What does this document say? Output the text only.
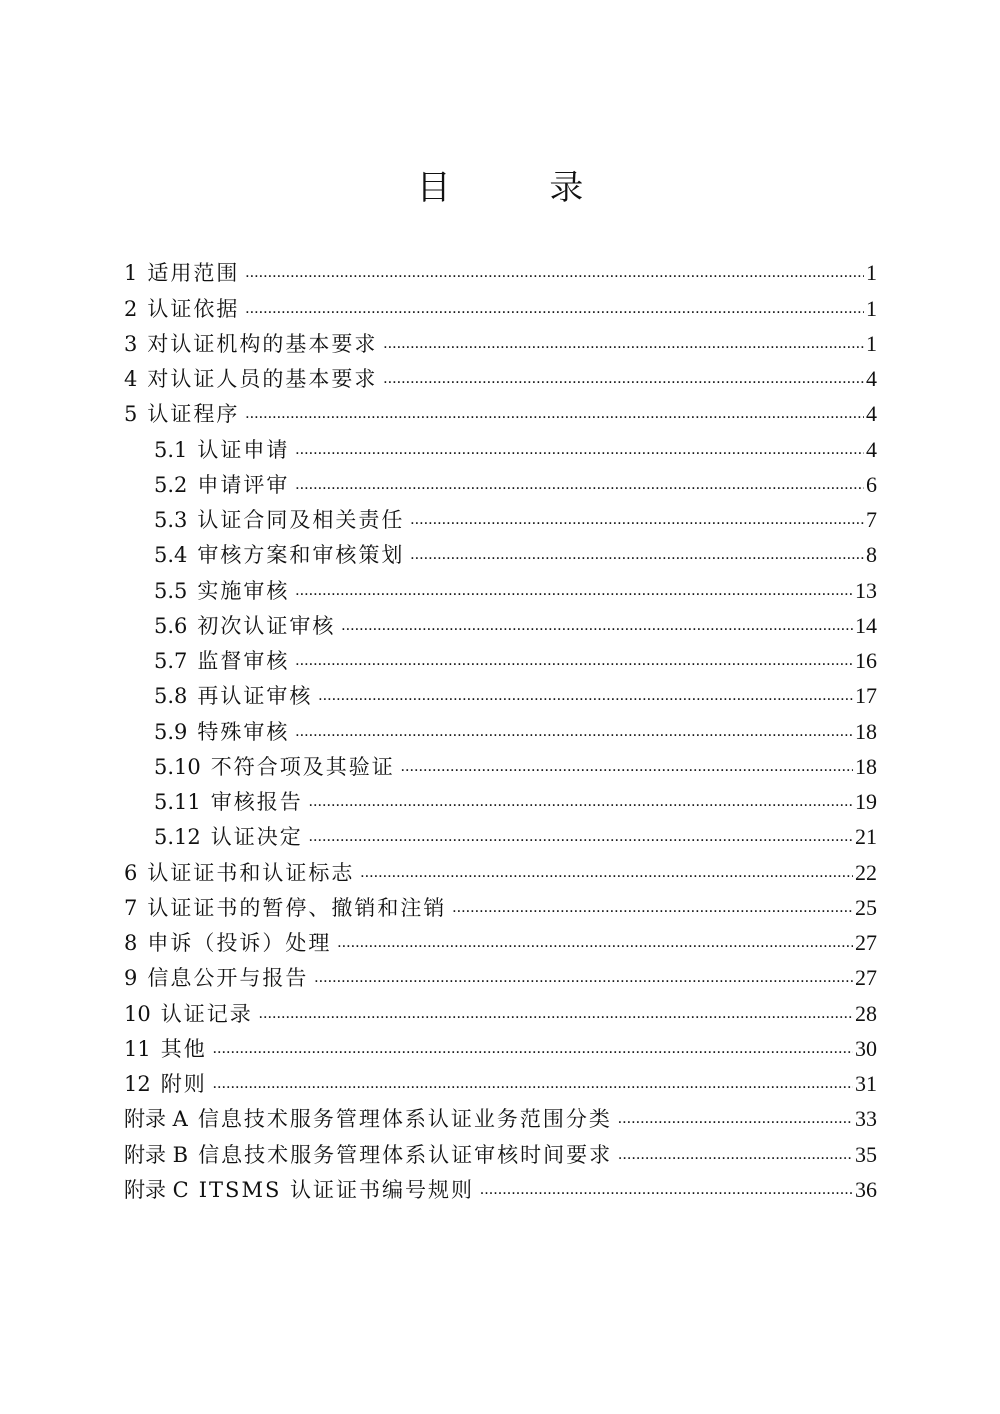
目 录
1 适用范围 .....	1
2 认证依据 .....	1
3 对认证机构的基本要求 .....	1
4 对认证人员的基本要求 .....	4
5 认证程序 .....	4
5.1 认证申请 .....	4
5.2 申请评审 .....	6
5.3 认证合同及相关责任 .....	7
5.4 审核方案和审核策划 .....	8
5.5 实施审核 .....	13
5.6 初次认证审核 .....	14
5.7 监督审核 .....	16
5.8 再认证审核 .....	17
5.9 特殊审核 .....	18
5.10 不符合项及其验证 .....	18
5.11 审核报告 .....	19
5.12 认证决定 .....	21
6 认证证书和认证标志 .....	22
7 认证证书的暂停、撤销和注销 .....	25
8 申诉（投诉）处理 .....	27
9 信息公开与报告 .....	27
10 认证记录 .....	28
11 其他 .....	30
12 附则 .....	31
附录 A 信息技术服务管理体系认证业务范围分类 .....	33
附录 B 信息技术服务管理体系认证审核时间要求 .....	35
附录 C ITSMS 认证证书编号规则 .....	36
